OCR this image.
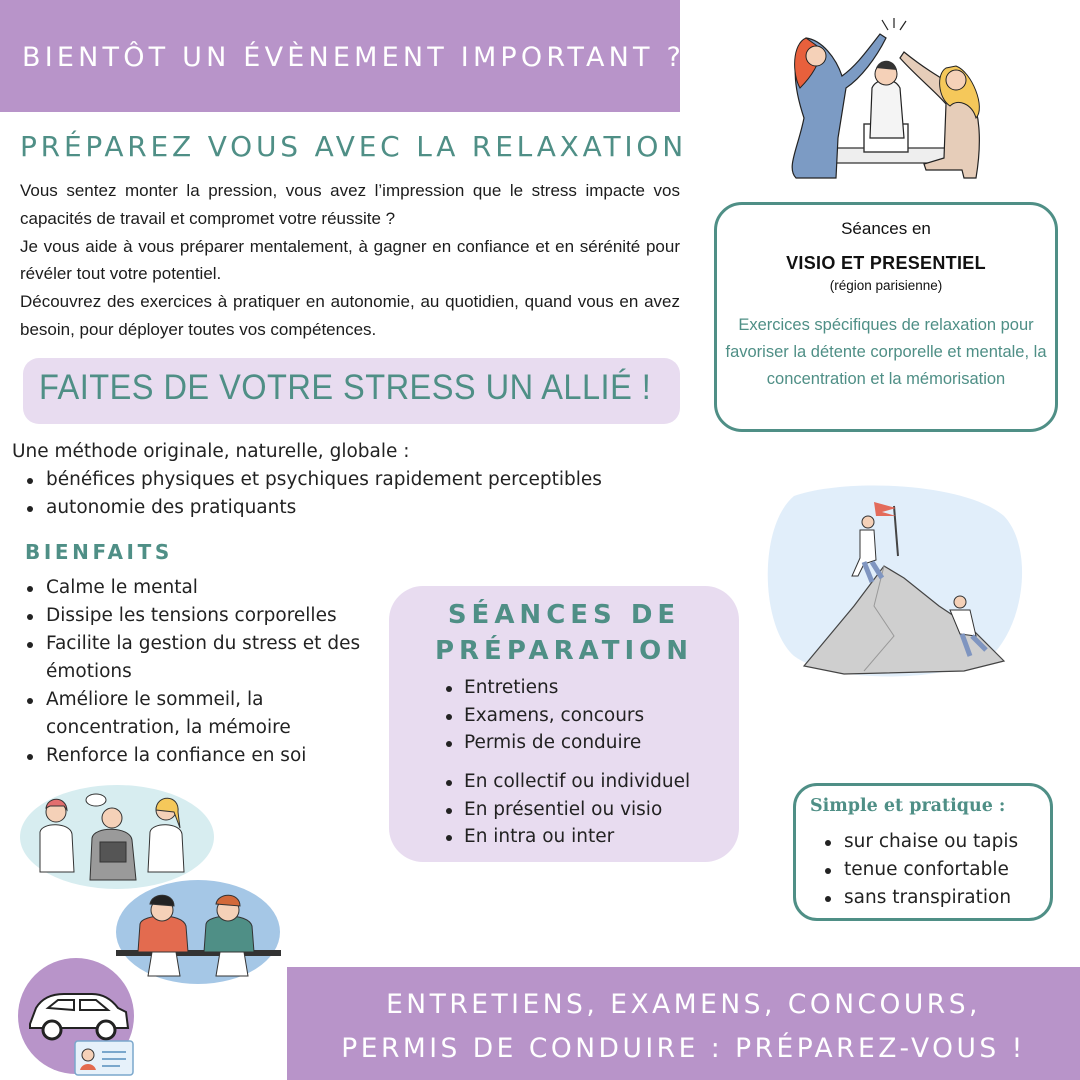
BIENTÔT UN ÉVÈNEMENT IMPORTANT ?
PRÉPAREZ VOUS AVEC LA RELAXATION

Vous sentez monter la pression, vous avez l’impression que le stress impacte vos capacités de travail et compromet votre réussite ?

Je vous aide à vous préparer mentalement, à gagner en confiance et en sérénité pour révéler tout votre potentiel.

Découvrez des exercices à pratiquer en autonomie, au quotidien, quand vous en avez besoin, pour déployer toutes vos compétences.

Séances en
VISIO ET PRESENTIEL
(région parisienne)
Exercices spécifiques de relaxation pour favoriser la détente corporelle et mentale, la concentration et la mémorisation
FAITES DE VOTRE STRESS UN ALLIÉ !
Une méthode originale, naturelle, globale :
bénéfices physiques et psychiques rapidement perceptibles
autonomie des pratiquants
BIENFAITS
Calme le mental
Dissipe les tensions corporelles
Facilite la gestion du stress et des émotions
Améliore le sommeil, la concentration, la mémoire
Renforce la confiance en soi
SÉANCES DE
PRÉPARATION
Entretiens
Examens, concours
Permis de conduire
En collectif ou individuel
En présentiel ou visio
En intra ou inter
Simple et pratique :
sur chaise ou tapis
tenue confortable
sans transpiration
ENTRETIENS, EXAMENS, CONCOURS,
PERMIS DE CONDUIRE : PRÉPAREZ-VOUS !
